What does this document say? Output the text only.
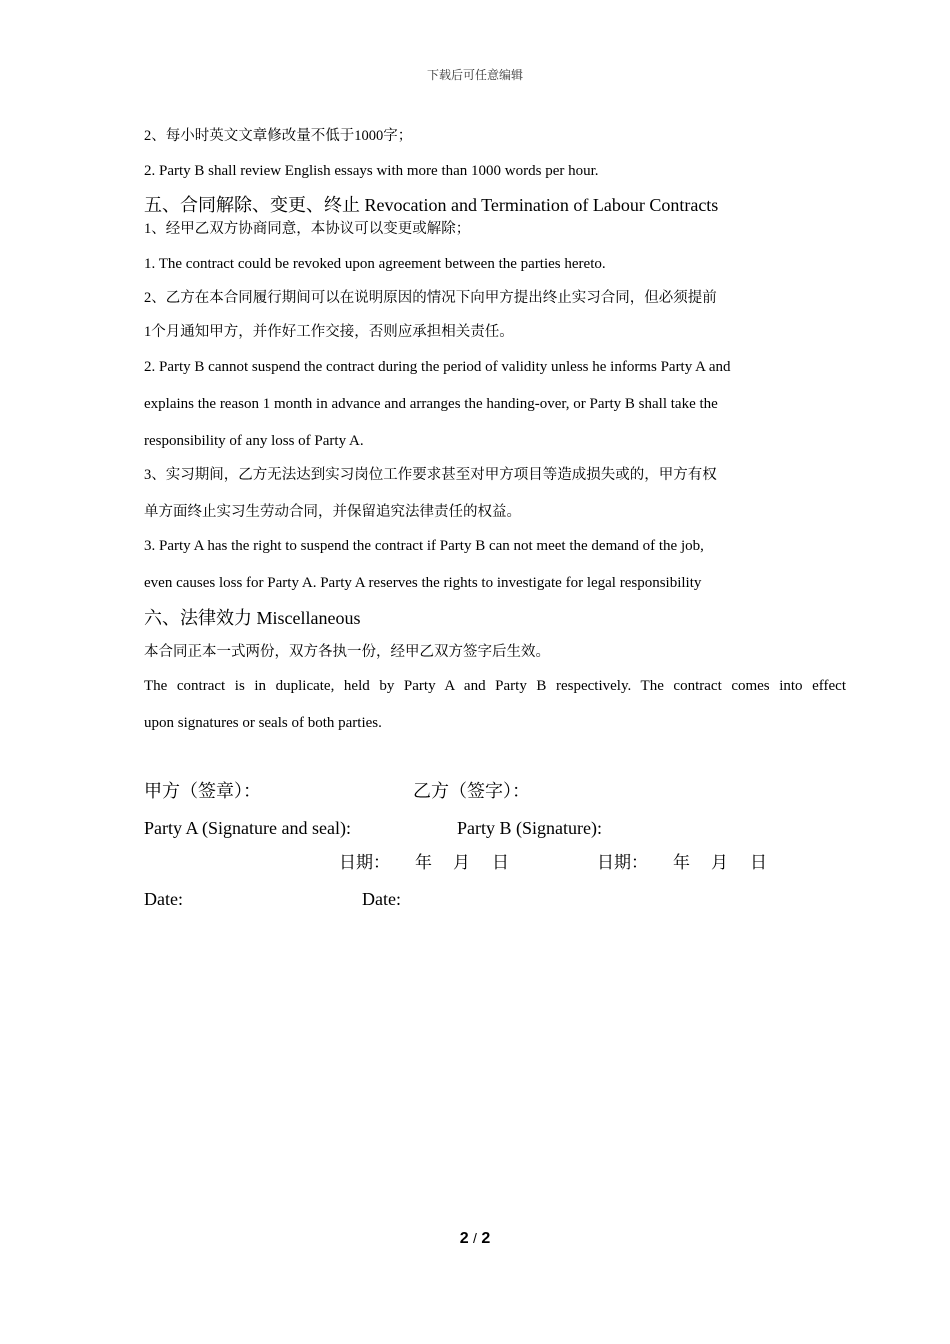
下载后可任意编辑
2、每小时英文文章修改量不低于1000字；
2. Party B shall review English essays with more than 1000 words per hour.
五、合同解除、变更、终止 Revocation and Termination of Labour Contracts
1、经甲乙双方协商同意，本协议可以变更或解除；
1. The contract could be revoked upon agreement between the parties hereto.
2、乙方在本合同履行期间可以在说明原因的情况下向甲方提出终止实习合同，但必须提前
1个月通知甲方，并作好工作交接，否则应承担相关责任。
2. Party B cannot suspend the contract during the period of validity unless he informs Party A and
explains the reason 1 month in advance and arranges the handing-over, or Party B shall take the
responsibility of any loss of Party A.
3、实习期间，乙方无法达到实习岗位工作要求甚至对甲方项目等造成损失或的，甲方有权
单方面终止实习生劳动合同，并保留追究法律责任的权益。
3. Party A has the right to suspend the contract if Party B can not meet the demand of the job,
even causes loss for Party A. Party A reserves the rights to investigate for legal responsibility
六、法律效力 Miscellaneous
本合同正本一式两份，双方各执一份，经甲乙双方签字后生效。
The contract is in duplicate, held by Party A and Party B respectively. The contract comes into effect
upon signatures or seals of both parties.
甲方（签章）：	乙方（签字）：
Party A (Signature and seal):	Party B (Signature):
日期： 年 月 日	日期： 年 月 日
Date:	Date:
2 / 2
